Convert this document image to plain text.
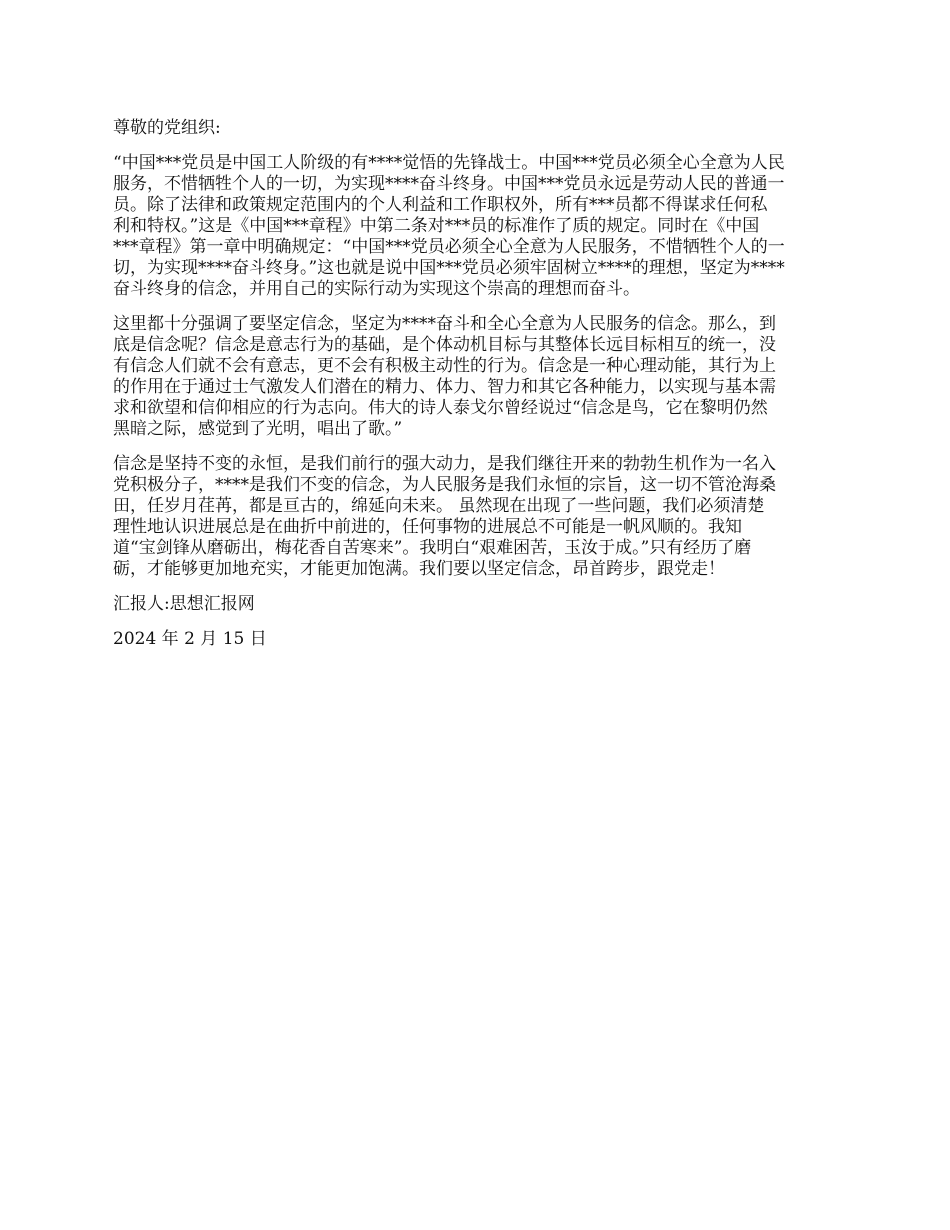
尊敬的党组织:

“中国***党员是中国工人阶级的有****觉悟的先锋战士。中国***党员必须全心全意为人民
服务，不惜牺牲个人的一切，为实现****奋斗终身。中国***党员永远是劳动人民的普通一
员。除了法律和政策规定范围内的个人利益和工作职权外，所有***员都不得谋求任何私
利和特权。”这是《中国***章程》中第二条对***员的标准作了质的规定。同时在《中国
***章程》第一章中明确规定：“中国***党员必须全心全意为人民服务，不惜牺牲个人的一
切，为实现****奋斗终身。”这也就是说中国***党员必须牢固树立****的理想，坚定为****
奋斗终身的信念，并用自己的实际行动为实现这个崇高的理想而奋斗。

这里都十分强调了要坚定信念，坚定为****奋斗和全心全意为人民服务的信念。那么，到
底是信念呢？信念是意志行为的基础，是个体动机目标与其整体长远目标相互的统一，没
有信念人们就不会有意志，更不会有积极主动性的行为。信念是一种心理动能，其行为上
的作用在于通过士气激发人们潜在的精力、体力、智力和其它各种能力，以实现与基本需
求和欲望和信仰相应的行为志向。伟大的诗人泰戈尔曾经说过“信念是鸟，它在黎明仍然
黑暗之际，感觉到了光明，唱出了歌。”

信念是坚持不变的永恒，是我们前行的强大动力，是我们继往开来的勃勃生机作为一名入
党积极分子，****是我们不变的信念，为人民服务是我们永恒的宗旨，这一切不管沧海桑
田，任岁月荏苒，都是亘古的，绵延向未来。 虽然现在出现了一些问题，我们必须清楚
理性地认识进展总是在曲折中前进的，任何事物的进展总不可能是一帆风顺的。我知
道“宝剑锋从磨砺出，梅花香自苦寒来”。我明白“艰难困苦，玉汝于成。”只有经历了磨
砺，才能够更加地充实，才能更加饱满。我们要以坚定信念，昂首跨步，跟党走！

汇报人:思想汇报网

2024 年 2 月 15 日
